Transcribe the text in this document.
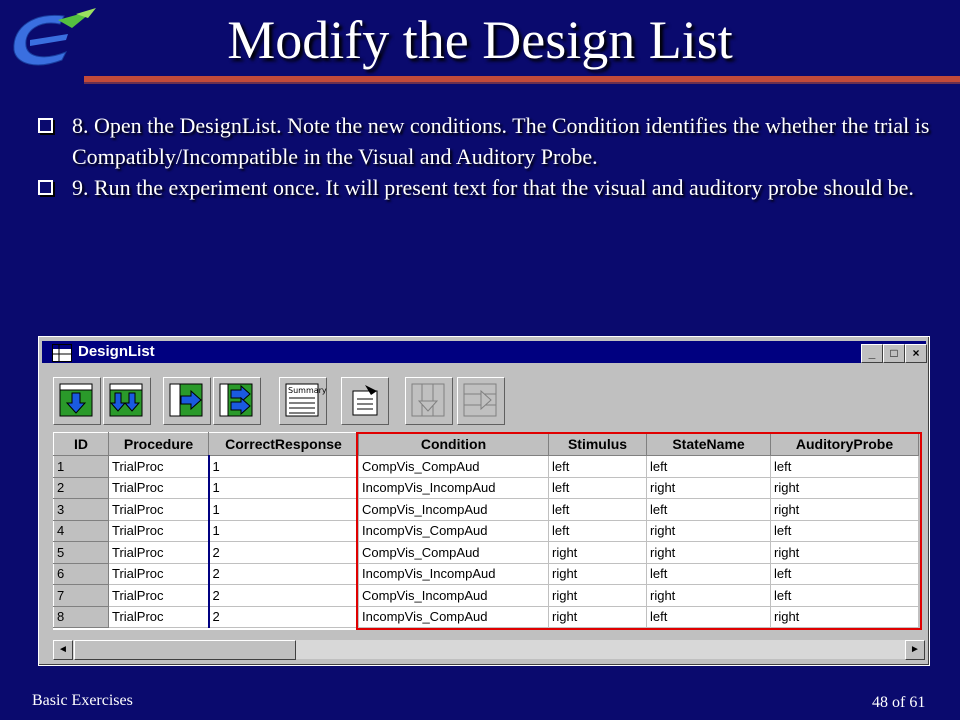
Modify the Design List
8. Open the DesignList. Note the new conditions. The Condition identifies the whether the trial is Compatibly/Incompatible in the Visual and Auditory Probe.
9. Run the experiment once. It will present text for that the visual and auditory probe should be.
DesignList	_	□	×
Summary
ID	Procedure	CorrectResponse	Condition	Stimulus	StateName	AuditoryProbe
1	TrialProc	1	CompVis_CompAud	left	left	left
2	TrialProc	1	IncompVis_IncompAud	left	right	right
3	TrialProc	1	CompVis_IncompAud	left	left	right
4	TrialProc	1	IncompVis_CompAud	left	right	left
5	TrialProc	2	CompVis_CompAud	right	right	right
6	TrialProc	2	IncompVis_IncompAud	right	left	left
7	TrialProc	2	CompVis_IncompAud	right	right	left
8	TrialProc	2	IncompVis_CompAud	right	left	right
◄	►
Basic Exercises	48 of 61
